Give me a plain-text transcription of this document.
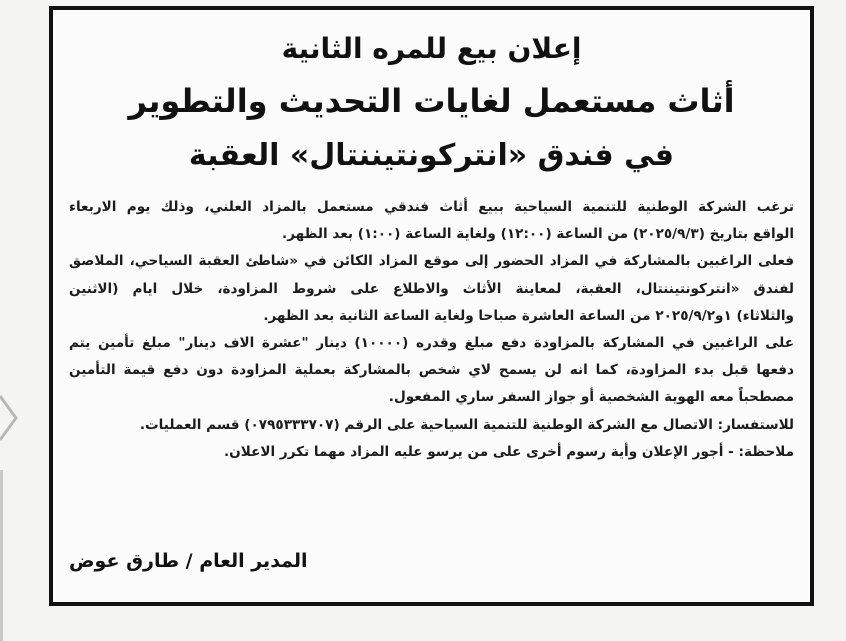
إعلان بيع للمره الثانية
أثاث مستعمل لغايات التحديث والتطوير
في فندق «انتركونتيننتال» العقبة
ترغب الشركة الوطنية للتنمية السياحية ببيع أثاث فندقي مستعمل بالمزاد العلني، وذلك يوم الاربعاء
الواقع بتاريخ (٢٠٢٥/٩/٣) من الساعة (١٢:٠٠) ولغاية الساعة (١:٠٠) بعد الظهر.
فعلى الراغبين بالمشاركة في المزاد الحضور إلى موقع المزاد الكائن في «شاطئ العقبة السياحي، الملاصق
لفندق «انتركونتيننتال، العقبة، لمعاينة الأثاث والاطلاع على شروط المزاودة، خلال ايام (الاثنين
والثلاثاء) ١و٢٠٢٥/٩/٢ من الساعة العاشرة صباحا ولغاية الساعة الثانية بعد الظهر.
على الراغبين في المشاركة بالمزاودة دفع مبلغ وقدره (١٠٠٠٠) دينار "عشرة الاف دينار" مبلغ تأمين يتم
دفعها قبل بدء المزاودة، كما انه لن يسمح لاي شخص بالمشاركة بعملية المزاودة دون دفع قيمة التأمين
مصطحباً معه الهوية الشخصية أو جواز السفر ساري المفعول.
للاستفسار: الاتصال مع الشركة الوطنية للتنمية السياحية على الرقم (٠٧٩٥٣٣٣٧٠٧) قسم العمليات.
ملاحظة: - أجور الإعلان وأية رسوم أخرى على من يرسو عليه المزاد مهما تكرر الاعلان.
المدير العام / طارق عوض
